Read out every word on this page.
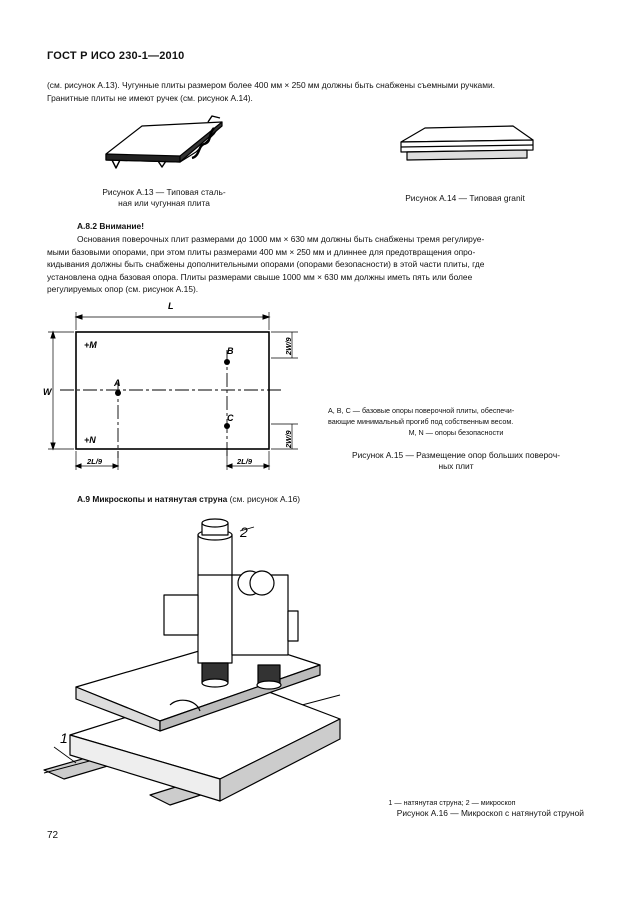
ГОСТ Р ИСО 230-1—2010
(см. рисунок А.13). Чугунные плиты размером более 400 мм × 250 мм должны быть снабжены съемными ручками.
Гранитные плиты не имеют ручек (см. рисунок А.14).
Рисунок А.13 — Типовая сталь-
ная или чугунная плита	Рисунок А.14 — Типовая granit
А.8.2 Внимание!
Основания поверочных плит размерами до 1000 мм × 630 мм должны быть снабжены тремя регулируе-
мыми базовыми опорами, при этом плиты размерами 400 мм × 250 мм и длиннее для предотвращения опро-
кидывания должны быть снабжены дополнительными опорами (опорами безопасности) в этой части плиты, где
установлена одна базовая опора. Плиты размерами свыше 1000 мм × 630 мм должны иметь пять или более
регулируемых опор (см. рисунок А.15).
L
W
+M
+N
A
B
C
2L/9	2L/9
2W/9
2W/9
A, B, C — базовые опоры поверочной плиты, обеспечи-
вающие минимальный прогиб под собственным весом.
M, N — опоры безопасности
Рисунок А.15 — Размещение опор больших поверoч-
ных плит
А.9 Микроскопы и натянутая струна (см. рисунок А.16)
2
1
1 — натянутая струна; 2 — микроскоп
Рисунок А.16 — Микроскоп с натянутой струной
72
